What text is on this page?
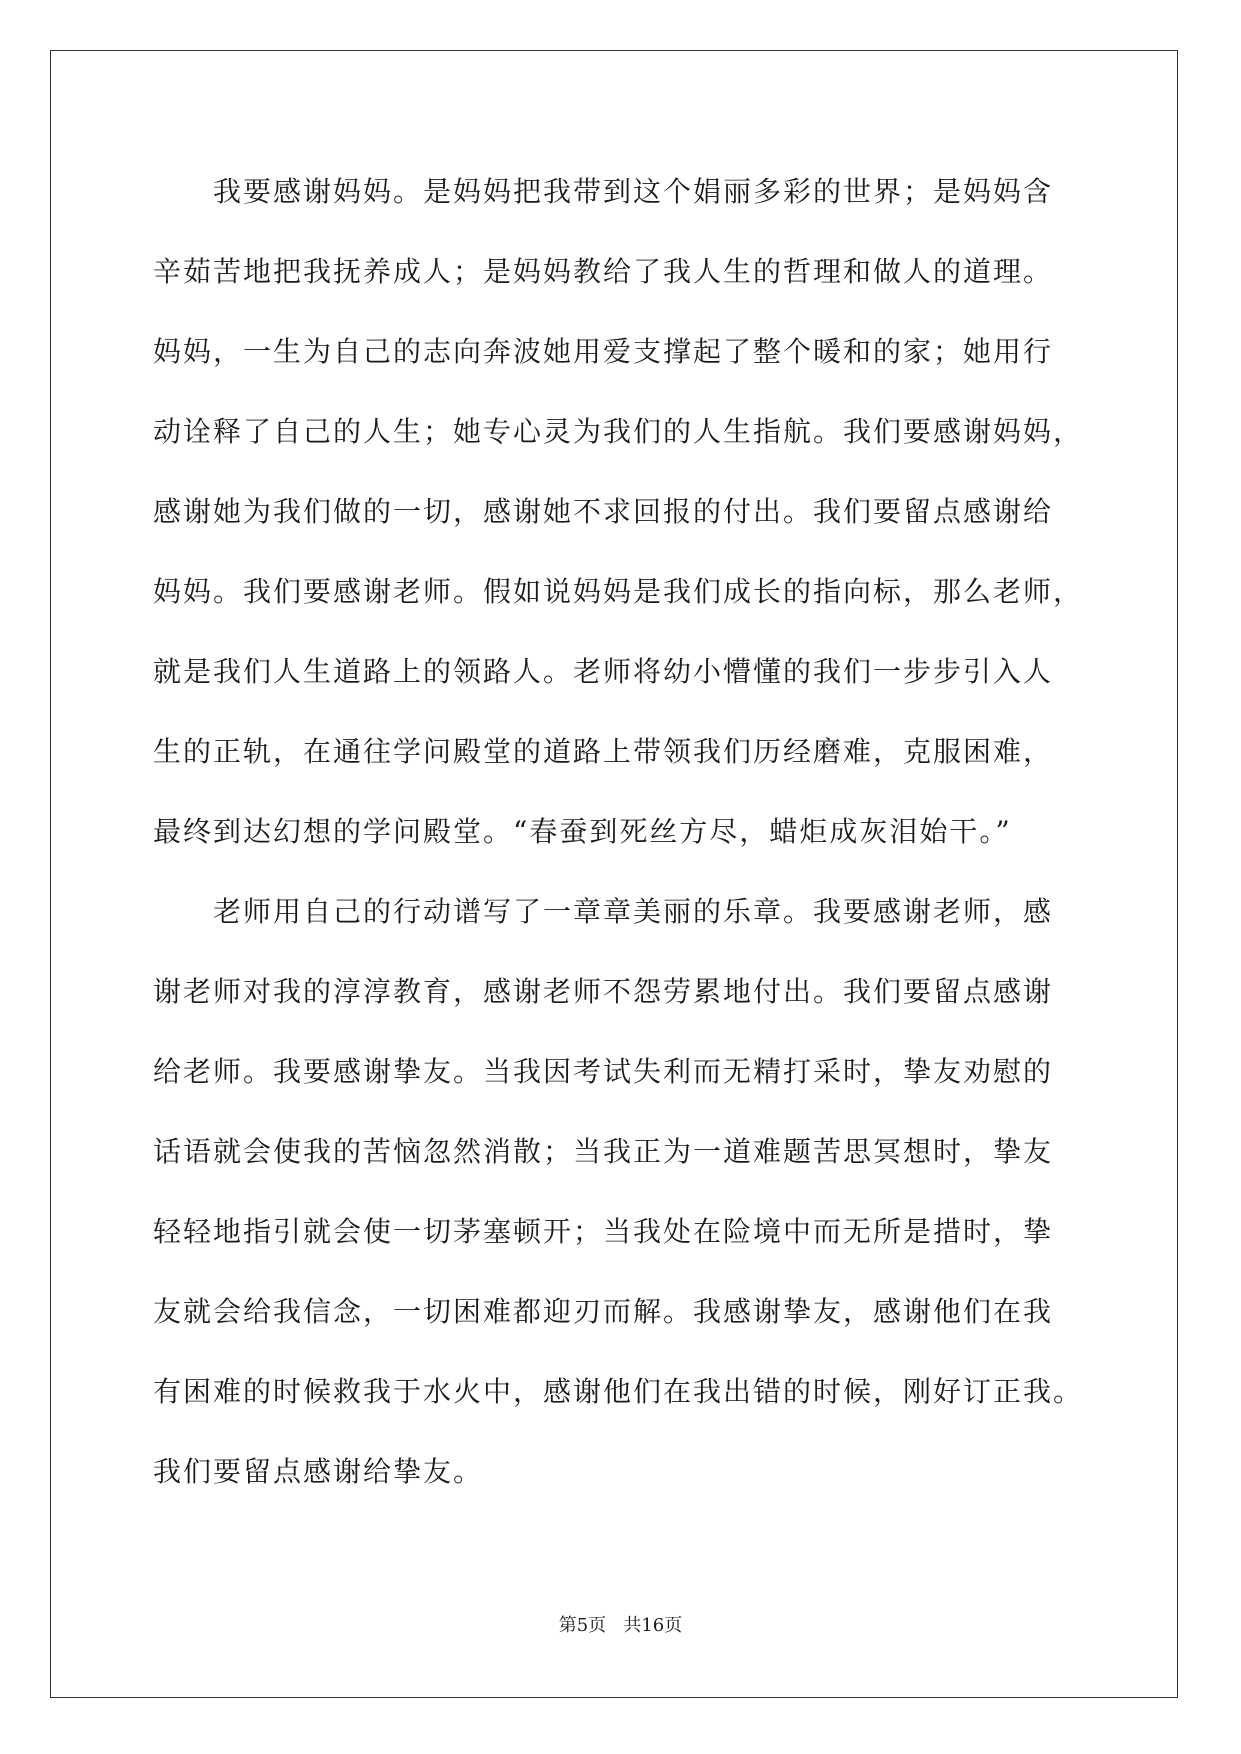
我要感谢妈妈。是妈妈把我带到这个娟丽多彩的世界；是妈妈含
辛茹苦地把我抚养成人；是妈妈教给了我人生的哲理和做人的道理。
妈妈，一生为自己的志向奔波她用爱支撑起了整个暖和的家；她用行
动诠释了自己的人生；她专心灵为我们的人生指航。我们要感谢妈妈，
感谢她为我们做的一切，感谢她不求回报的付出。我们要留点感谢给
妈妈。我们要感谢老师。假如说妈妈是我们成长的指向标，那么老师，
就是我们人生道路上的领路人。老师将幼小懵懂的我们一步步引入人
生的正轨，在通往学问殿堂的道路上带领我们历经磨难，克服困难，
最终到达幻想的学问殿堂。“春蚕到死丝方尽，蜡炬成灰泪始干。”
老师用自己的行动谱写了一章章美丽的乐章。我要感谢老师，感
谢老师对我的淳淳教育，感谢老师不怨劳累地付出。我们要留点感谢
给老师。我要感谢挚友。当我因考试失利而无精打采时，挚友劝慰的
话语就会使我的苦恼忽然消散；当我正为一道难题苦思冥想时，挚友
轻轻地指引就会使一切茅塞顿开；当我处在险境中而无所是措时，挚
友就会给我信念，一切困难都迎刃而解。我感谢挚友，感谢他们在我
有困难的时候救我于水火中，感谢他们在我出错的时候，刚好订正我。
我们要留点感谢给挚友。
第5页   共16页
